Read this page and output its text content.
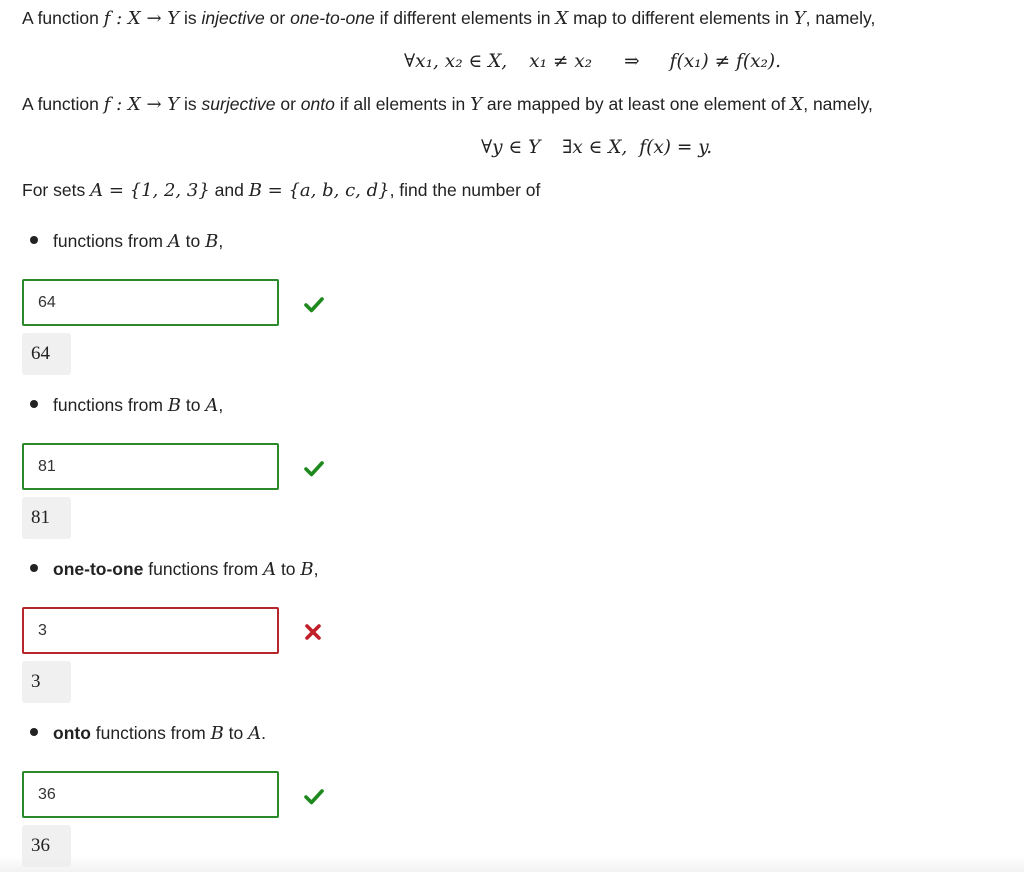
A function f : X → Y is injective or one-to-one if different elements in X map to different elements in Y, namely,
∀x₁, x₂ ∈ X, x₁ ≠ x₂ ⇒ f(x₁) ≠ f(x₂).
A function f : X → Y is surjective or onto if all elements in Y are mapped by at least one element of X, namely,
∀y ∈ Y ∃x ∈ X, f(x) = y.
For sets A = {1, 2, 3} and B = {a, b, c, d}, find the number of
functions from A to B,
64
64
functions from B to A,
81
81
one-to-one functions from A to B,
3
3
onto functions from B to A.
36
36
